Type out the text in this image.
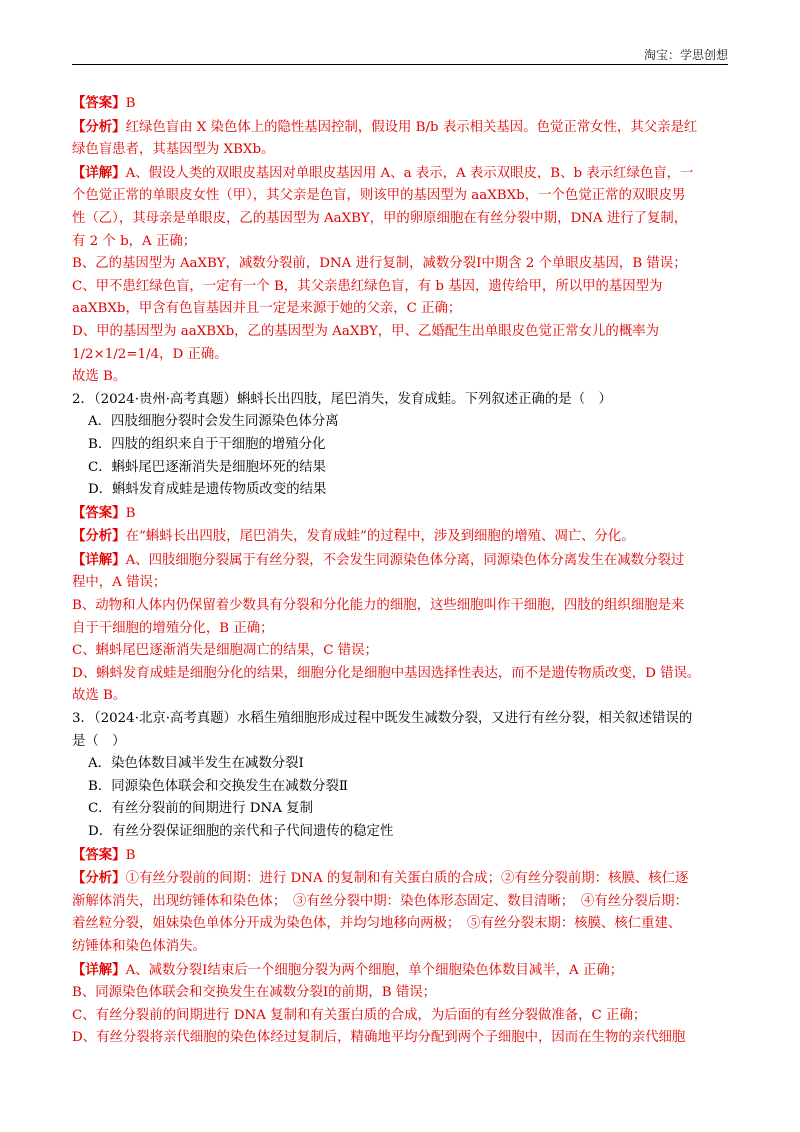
淘宝：学思创想

【答案】B

【分析】红绿色盲由 X 染色体上的隐性基因控制，假设用 B/b 表示相关基因。色觉正常女性，其父亲是红

绿色盲患者，其基因型为 XBXb。

【详解】A、假设人类的双眼皮基因对单眼皮基因用 A、a 表示，A 表示双眼皮，B、b 表示红绿色盲，一

个色觉正常的单眼皮女性（甲），其父亲是色盲，则该甲的基因型为 aaXBXb，一个色觉正常的双眼皮男

性（乙），其母亲是单眼皮，乙的基因型为 AaXBY，甲的卵原细胞在有丝分裂中期，DNA 进行了复制，

有 2 个 b，A 正确；

B、乙的基因型为 AaXBY，减数分裂前，DNA 进行复制，减数分裂Ⅰ中期含 2 个单眼皮基因，B 错误；

C、甲不患红绿色盲，一定有一个 B，其父亲患红绿色盲，有 b 基因，遗传给甲，所以甲的基因型为

aaXBXb，甲含有色盲基因并且一定是来源于她的父亲，C 正确；

D、甲的基因型为 aaXBXb，乙的基因型为 AaXBY，甲、乙婚配生出单眼皮色觉正常女儿的概率为

1/2×1/2=1/4，D 正确。

故选 B。

2．（2024·贵州·高考真题）蝌蚪长出四肢，尾巴消失，发育成蛙。下列叙述正确的是（　）

A．四肢细胞分裂时会发生同源染色体分离

B．四肢的组织来自于干细胞的增殖分化

C．蝌蚪尾巴逐渐消失是细胞坏死的结果

D．蝌蚪发育成蛙是遗传物质改变的结果

【答案】B

【分析】在“蝌蚪长出四肢，尾巴消失，发育成蛙”的过程中，涉及到细胞的增殖、凋亡、分化。

【详解】A、四肢细胞分裂属于有丝分裂，不会发生同源染色体分离，同源染色体分离发生在减数分裂过

程中，A 错误；

B、动物和人体内仍保留着少数具有分裂和分化能力的细胞，这些细胞叫作干细胞，四肢的组织细胞是来

自于干细胞的增殖分化，B 正确；

C、蝌蚪尾巴逐渐消失是细胞凋亡的结果，C 错误；

D、蝌蚪发育成蛙是细胞分化的结果，细胞分化是细胞中基因选择性表达，而不是遗传物质改变，D 错误。

故选 B。

3．（2024·北京·高考真题）水稻生殖细胞形成过程中既发生减数分裂，又进行有丝分裂，相关叙述错误的

是（　）

A．染色体数目减半发生在减数分裂Ⅰ

B．同源染色体联会和交换发生在减数分裂Ⅱ

C．有丝分裂前的间期进行 DNA 复制

D．有丝分裂保证细胞的亲代和子代间遗传的稳定性

【答案】B

【分析】①有丝分裂前的间期：进行 DNA 的复制和有关蛋白质的合成；②有丝分裂前期：核膜、核仁逐

渐解体消失，出现纺锤体和染色体；　③有丝分裂中期：染色体形态固定、数目清晰；　④有丝分裂后期：

着丝粒分裂，姐妹染色单体分开成为染色体，并均匀地移向两极；　⑤有丝分裂末期：核膜、核仁重建、

纺锤体和染色体消失。

【详解】A、减数分裂Ⅰ结束后一个细胞分裂为两个细胞，单个细胞染色体数目减半，A 正确；

B、同源染色体联会和交换发生在减数分裂Ⅰ的前期，B 错误；

C、有丝分裂前的间期进行 DNA 复制和有关蛋白质的合成，为后面的有丝分裂做准备，C 正确；

D、有丝分裂将亲代细胞的染色体经过复制后，精确地平均分配到两个子细胞中，因而在生物的亲代细胞
